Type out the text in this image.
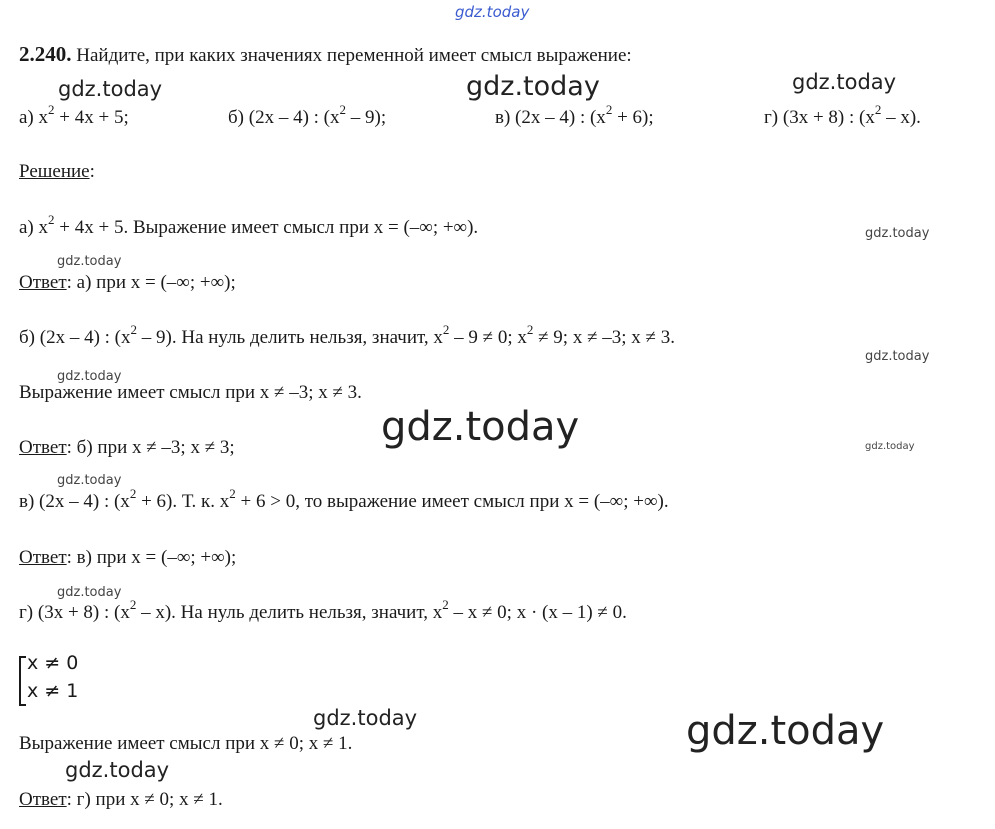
gdz.today
gdz.today	gdz.today	gdz.today
gdz.today
gdz.today
gdz.today
gdz.today
gdz.today	gdz.today
gdz.today
gdz.today
gdz.today	gdz.today
gdz.today
2.240. Найдите, при каких значениях переменной имеет смысл выражение:
а) $x^2 + 4x + 5$;	б) (2x – 4) : $(x^2 - 9)$;	в) (2x – 4) : $(x^2 + 6)$;	г) (3x + 8) : $(x^2 - x)$.
Решение:
а) $x^2 + 4x + 5$. Выражение имеет смысл при x = (–∞; +∞).
Ответ: а) при x = (–∞; +∞);
б) (2x – 4) : $(x^2 - 9)$. На нуль делить нельзя, значит, $x^2 - 9 \ne 0$; $x^2 \ne 9$; x ≠ –3; x ≠ 3.
Выражение имеет смысл при x ≠ –3; x ≠ 3.
Ответ: б) при x ≠ –3; x ≠ 3;
в) (2x – 4) : $(x^2 + 6)$. Т. к. $x^2 + 6 > 0$, то выражение имеет смысл при x = (–∞; +∞).
Ответ: в) при x = (–∞; +∞);
г) (3x + 8) : $(x^2 - x)$. На нуль делить нельзя, значит, $x^2 - x \ne 0$; x · (x – 1) ≠ 0.
x ≠ 0
x ≠ 1
Выражение имеет смысл при x ≠ 0; x ≠ 1.
Ответ: г) при x ≠ 0; x ≠ 1.
